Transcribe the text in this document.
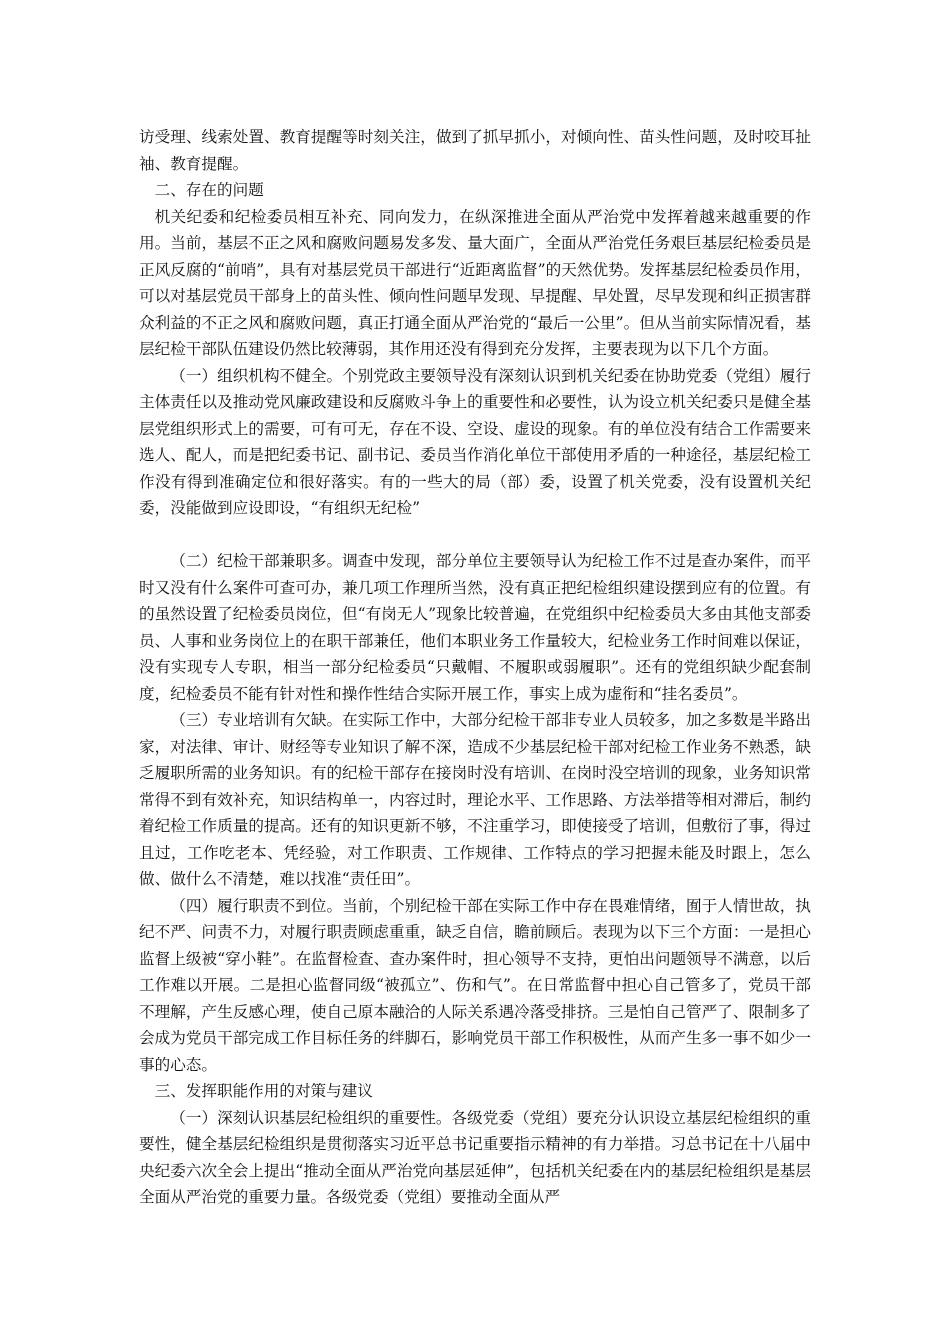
访受理、线索处置、教育提醒等时刻关注，做到了抓早抓小，对倾向性、苗头性问题，及时咬耳扯袖、教育提醒。

二、存在的问题

机关纪委和纪检委员相互补充、同向发力，在纵深推进全面从严治党中发挥着越来越重要的作用。当前，基层不正之风和腐败问题易发多发、量大面广，全面从严治党任务艰巨基层纪检委员是正风反腐的“前哨”，具有对基层党员干部进行“近距离监督”的天然优势。发挥基层纪检委员作用，可以对基层党员干部身上的苗头性、倾向性问题早发现、早提醒、早处置，尽早发现和纠正损害群众利益的不正之风和腐败问题，真正打通全面从严治党的“最后一公里”。但从当前实际情况看，基层纪检干部队伍建设仍然比较薄弱，其作用还没有得到充分发挥，主要表现为以下几个方面。

（一）组织机构不健全。个别党政主要领导没有深刻认识到机关纪委在协助党委（党组）履行主体责任以及推动党风廉政建设和反腐败斗争上的重要性和必要性，认为设立机关纪委只是健全基层党组织形式上的需要，可有可无，存在不设、空设、虚设的现象。有的单位没有结合工作需要来选人、配人，而是把纪委书记、副书记、委员当作消化单位干部使用矛盾的一种途径，基层纪检工作没有得到准确定位和很好落实。有的一些大的局（部）委，设置了机关党委，没有设置机关纪委，没能做到应设即设，“有组织无纪检”

（二）纪检干部兼职多。调查中发现，部分单位主要领导认为纪检工作不过是查办案件，而平时又没有什么案件可查可办，兼几项工作理所当然，没有真正把纪检组织建设摆到应有的位置。有的虽然设置了纪检委员岗位，但“有岗无人”现象比较普遍，在党组织中纪检委员大多由其他支部委员、人事和业务岗位上的在职干部兼任，他们本职业务工作量较大，纪检业务工作时间难以保证，没有实现专人专职，相当一部分纪检委员“只戴帽、不履职或弱履职”。还有的党组织缺少配套制度，纪检委员不能有针对性和操作性结合实际开展工作，事实上成为虚衔和“挂名委员”。

（三）专业培训有欠缺。在实际工作中，大部分纪检干部非专业人员较多，加之多数是半路出家，对法律、审计、财经等专业知识了解不深，造成不少基层纪检干部对纪检工作业务不熟悉，缺乏履职所需的业务知识。有的纪检干部存在接岗时没有培训、在岗时没空培训的现象，业务知识常常得不到有效补充，知识结构单一，内容过时，理论水平、工作思路、方法举措等相对滞后，制约着纪检工作质量的提高。还有的知识更新不够，不注重学习，即使接受了培训，但敷衍了事，得过且过，工作吃老本、凭经验，对工作职责、工作规律、工作特点的学习把握未能及时跟上，怎么做、做什么不清楚，难以找准“责任田”。

（四）履行职责不到位。当前，个别纪检干部在实际工作中存在畏难情绪，囿于人情世故，执纪不严、问责不力，对履行职责顾虑重重，缺乏自信，瞻前顾后。表现为以下三个方面：一是担心监督上级被“穿小鞋”。在监督检查、查办案件时，担心领导不支持，更怕出问题领导不满意，以后工作难以开展。二是担心监督同级“被孤立”、伤和气”。在日常监督中担心自己管多了，党员干部不理解，产生反感心理，使自己原本融洽的人际关系遇冷落受排挤。三是怕自己管严了、限制多了会成为党员干部完成工作目标任务的绊脚石，影响党员干部工作积极性，从而产生多一事不如少一事的心态。

三、发挥职能作用的对策与建议

（一）深刻认识基层纪检组织的重要性。各级党委（党组）要充分认识设立基层纪检组织的重要性，健全基层纪检组织是贯彻落实习近平总书记重要指示精神的有力举措。习总书记在十八届中央纪委六次全会上提出“推动全面从严治党向基层延伸”，包括机关纪委在内的基层纪检组织是基层全面从严治党的重要力量。各级党委（党组）要推动全面从严
